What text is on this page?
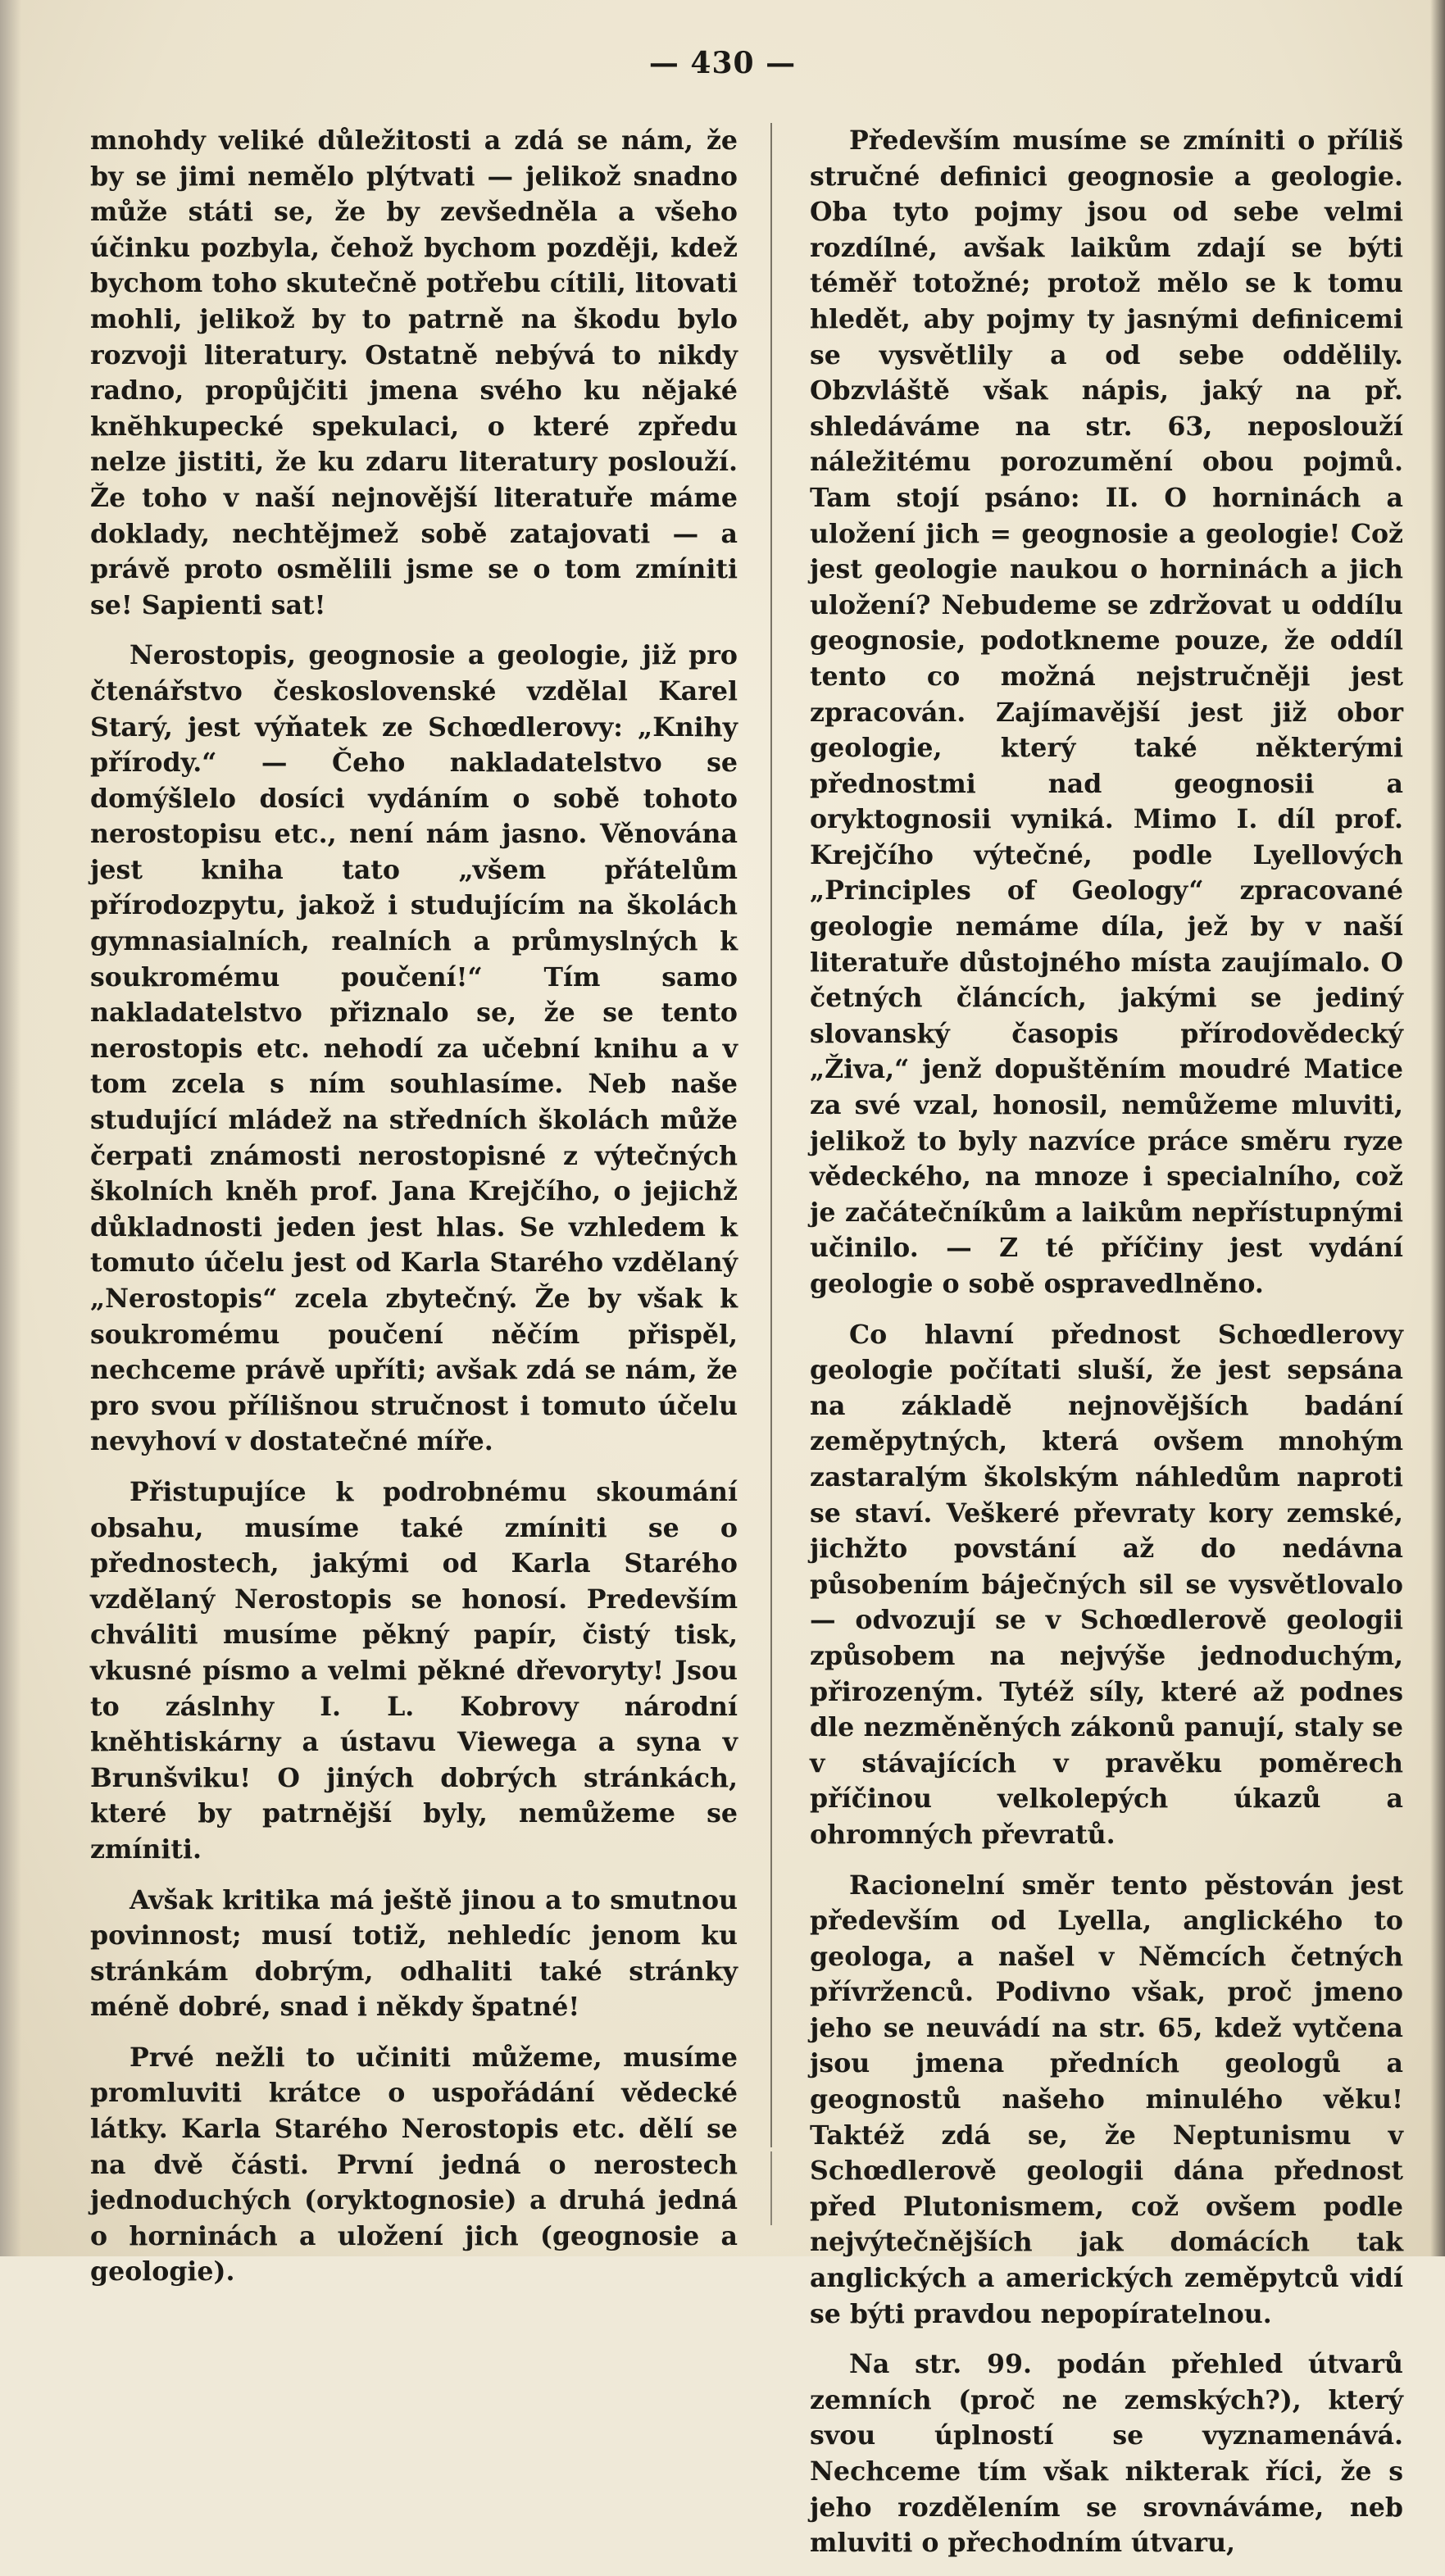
— 430 —

mnohdy veliké důležitosti a zdá se nám, že by se jimi nemělo plýtvati — jelikož snadno může státi se, že by zevšedněla a všeho účinku pozbyla, čehož bychom později, kdež bychom toho skutečně potřebu cítili, litovati mohli, jelikož by to patrně na škodu bylo rozvoji literatury. Ostatně nebývá to nikdy radno, propůjčiti jmena svého ku nějaké knĕhkupecké spekulaci, o které zpředu nelze jistiti, že ku zdaru literatury poslouží. Že toho v naší nejnovější literatuře máme doklady, nechtějmež sobě zatajovati — a právě proto osmělili jsme se o tom zmíniti se! Sapienti sat!

Nerostopis, geognosie a geologie, již pro čtenářstvo československé vzdělal Karel Starý, jest výňatek ze Schœdlerovy: „Knihy přírody.“ — Čeho nakladatelstvo se domýšlelo dosíci vydáním o sobě tohoto nerostopisu etc., není nám jasno. Věnována jest kniha tato „všem přátelům přírodozpytu, jakož i studujícím na školách gymnasialních, realních a průmyslných k soukromému poučení!“ Tím samo nakladatelstvo přiznalo se, že se tento nerostopis etc. nehodí za učební knihu a v tom zcela s ním souhlasíme. Neb naše studující mládež na středních školách může čerpati známosti nerostopisné z výtečných školních kněh prof. Jana Krejčího, o jejichž důkladnosti jeden jest hlas. Se vzhledem k tomuto účelu jest od Karla Starého vzdělaný „Nerostopis“ zcela zbytečný. Že by však k soukromému poučení něčím přispěl, nechceme právě upříti; avšak zdá se nám, že pro svou přílišnou stručnost i tomuto účelu nevyhoví v dostatečné míře.

Přistupujíce k podrobnému skoumání obsahu, musíme také zmíniti se o přednostech, jakými od Karla Starého vzdělaný Nerostopis se honosí. Predevším chváliti musíme pěkný papír, čistý tisk, vkusné písmo a velmi pěkné dřevoryty! Jsou to záslnhy I. L. Kobrovy národní kněhtiskárny a ústavu Viewega a syna v Brunšviku! O jiných dobrých stránkách, které by patrnější byly, nemůžeme se zmíniti.

Avšak kritika má ještě jinou a to smutnou povinnost; musí totiž, nehledíc jenom ku stránkám dobrým, odhaliti také stránky méně dobré, snad i někdy špatné!

Prvé nežli to učiniti můžeme, musíme promluviti krátce o uspořádání vědecké látky. Karla Starého Nerostopis etc. dělí se na dvě části. První jedná o nerostech jednoduchých (oryktognosie) a druhá jedná o horninách a uložení jich (geognosie a geologie).

Především musíme se zmíniti o příliš stručné definici geognosie a geologie. Oba tyto pojmy jsou od sebe velmi rozdílné, avšak laikům zdají se býti téměř totožné; protož mělo se k tomu hledět, aby pojmy ty jasnými definicemi se vysvětlily a od sebe oddělily. Obzvláště však nápis, jaký na př. shledáváme na str. 63, neposlouží náležitému porozumění obou pojmů. Tam stojí psáno: II. O horninách a uložení jich = geognosie a geologie! Což jest geologie naukou o horninách a jich uložení? Nebudeme se zdržovat u oddílu geognosie, podotkneme pouze, že oddíl tento co možná nejstručněji jest zpracován. Zajímavější jest již obor geologie, který také některými přednostmi nad geognosii a oryktognosii vyniká. Mimo I. díl prof. Krejčího výtečné, podle Lyellových „Principles of Geology“ zpracované geologie nemáme díla, jež by v naší literatuře důstojného místa zaujímalo. O četných článcích, jakými se jediný slovanský časopis přírodovědecký „Živa,“ jenž dopuštěním moudré Matice za své vzal, honosil, nemůžeme mluviti, jelikož to byly nazvíce práce směru ryze vědeckého, na mnoze i specialního, což je začátečníkům a laikům nepřístupnými učinilo. — Z té příčiny jest vydání geologie o sobě ospravedlněno.

Co hlavní přednost Schœdlerovy geologie počítati sluší, že jest sepsána na základě nejnovějších badání zeměpytných, která ovšem mnohým zastaralým školským náhledům naproti se staví. Veškeré převraty kory zemské, jichžto povstání až do nedávna působením báječných sil se vysvětlovalo — odvozují se v Schœdlerově geologii způsobem na nejvýše jednoduchým, přirozeným. Tytéž síly, které až podnes dle nezměněných zákonů panují, staly se v stávajících v pravěku poměrech příčinou velkolepých úkazů a ohromných převratů.

Racionelní směr tento pěstován jest především od Lyella, anglického to geologa, a našel v Němcích četných přívrženců. Podivno však, proč jmeno jeho se neuvádí na str. 65, kdež vytčena jsou jmena předních geologů a geognostů našeho minulého věku! Taktéž zdá se, že Neptunismu v Schœdlerově geologii dána přednost před Plutonismem, což ovšem podle nejvýtečnějších jak domácích tak anglických a amerických zeměpytců vidí se býti pravdou nepopíratelnou.

Na str. 99. podán přehled útvarů zemních (proč ne zemských?), který svou úplností se vyznamenává. Nechceme tím však nikterak říci, že s jeho rozdělením se srovnáváme, neb mluviti o přechodním útvaru,
